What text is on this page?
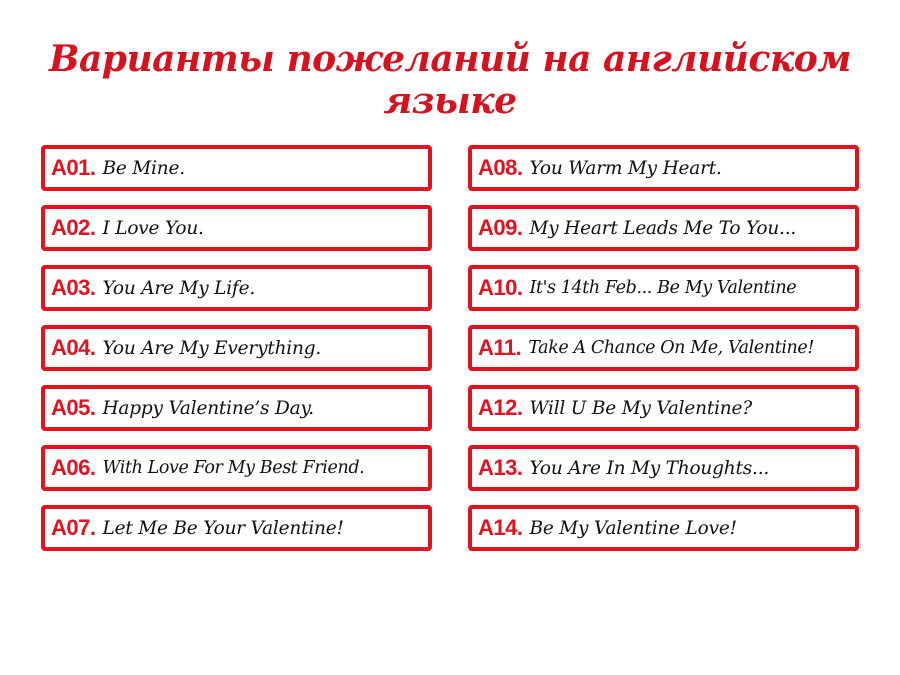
Варианты пожеланий на английском языке
A01. Be Mine.	A08. You Warm My Heart.
A02. I Love You.	A09. My Heart Leads Me To You...
A03. You Are My Life.	A10. It's 14th Feb... Be My Valentine
A04. You Are My Everything.	A11. Take A Chance On Me, Valentine!
A05. Happy Valentine’s Day.	A12. Will U Be My Valentine?
A06. With Love For My Best Friend.	A13. You Are In My Thoughts...
A07. Let Me Be Your Valentine!	A14. Be My Valentine Love!
